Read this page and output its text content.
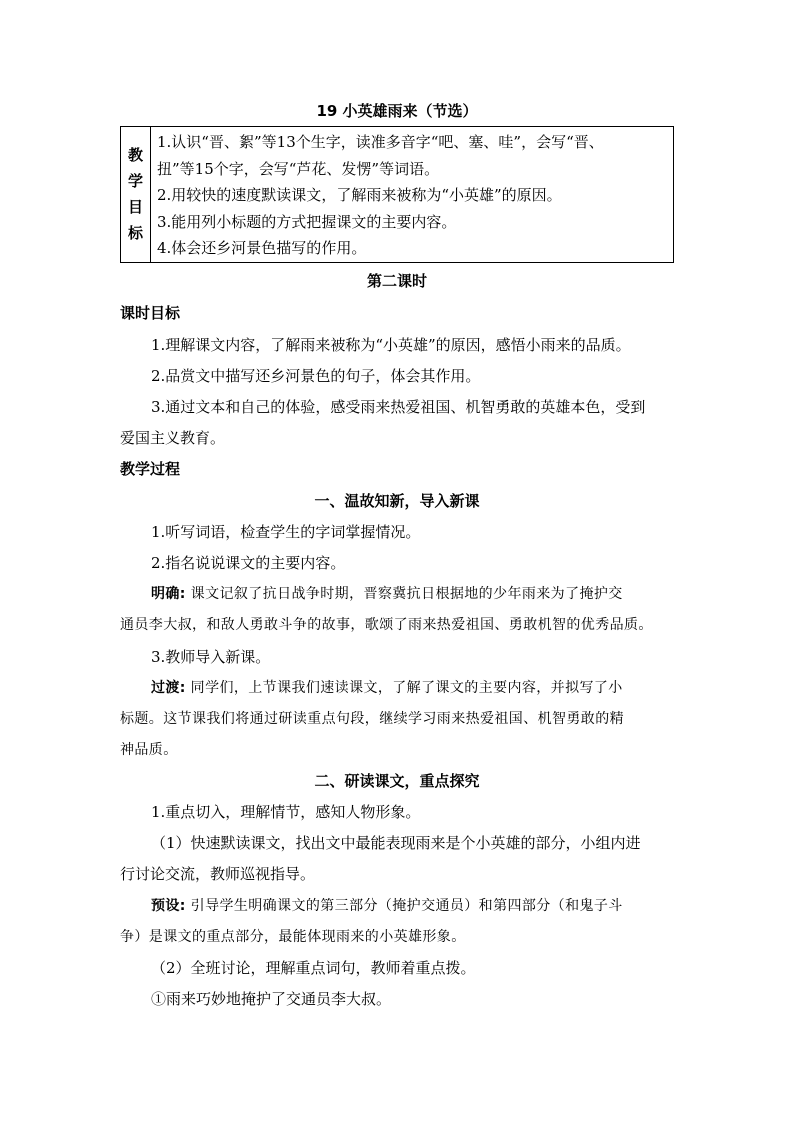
19 小英雄雨来（节选）
教
学
目
标

1.认识“晋、絮”等13个生字，读准多音字“吧、塞、哇”，会写“晋、
扭”等15个字，会写“芦花、发愣”等词语。
2.用较快的速度默读课文，了解雨来被称为“小英雄”的原因。
3.能用列小标题的方式把握课文的主要内容。
4.体会还乡河景色描写的作用。
第二课时
课时目标
1.理解课文内容，了解雨来被称为“小英雄”的原因，感悟小雨来的品质。
2.品赏文中描写还乡河景色的句子，体会其作用。
3.通过文本和自己的体验，感受雨来热爱祖国、机智勇敢的英雄本色，受到
爱国主义教育。
教学过程
一、温故知新，导入新课
1.听写词语，检查学生的字词掌握情况。
2.指名说说课文的主要内容。
明确: 课文记叙了抗日战争时期，晋察冀抗日根据地的少年雨来为了掩护交
通员李大叔，和敌人勇敢斗争的故事，歌颂了雨来热爱祖国、勇敢机智的优秀品质。
3.教师导入新课。
过渡: 同学们，上节课我们速读课文，了解了课文的主要内容，并拟写了小
标题。这节课我们将通过研读重点句段，继续学习雨来热爱祖国、机智勇敢的精
神品质。
二、研读课文，重点探究
1.重点切入，理解情节，感知人物形象。
（1）快速默读课文，找出文中最能表现雨来是个小英雄的部分，小组内进
行讨论交流，教师巡视指导。
预设: 引导学生明确课文的第三部分（掩护交通员）和第四部分（和鬼子斗
争）是课文的重点部分，最能体现雨来的小英雄形象。
（2）全班讨论，理解重点词句，教师着重点拨。
①雨来巧妙地掩护了交通员李大叔。
